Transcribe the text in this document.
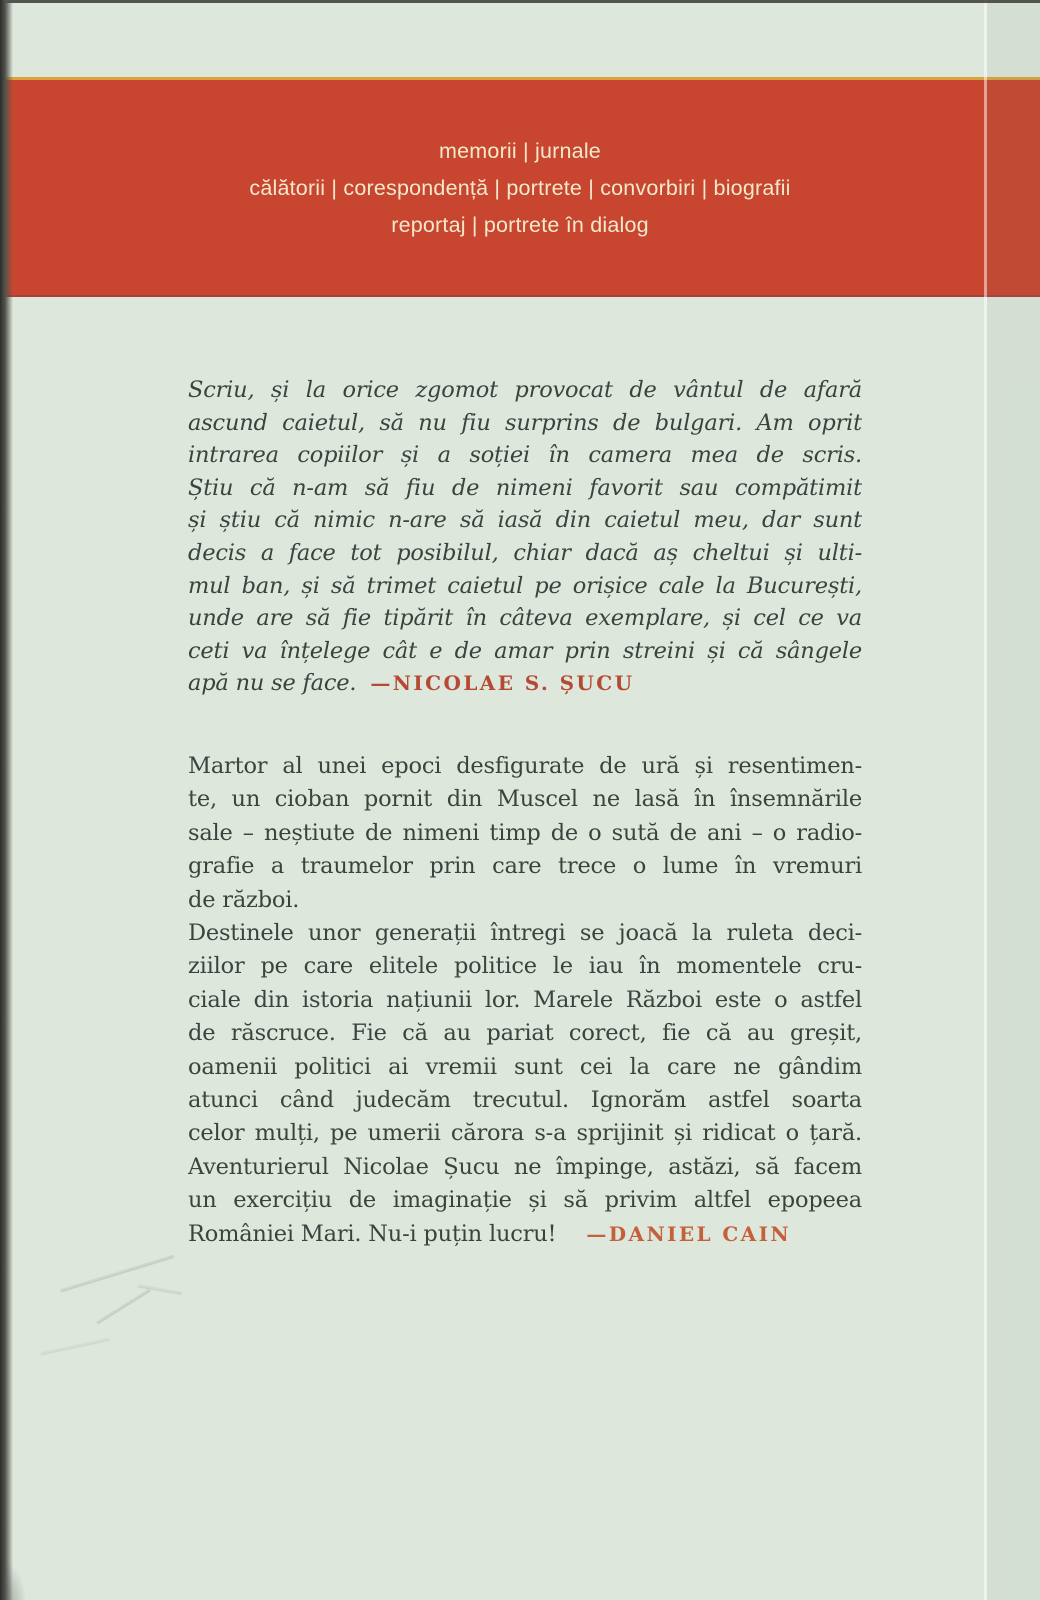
memorii | jurnale
călătorii | corespondență | portrete | convorbiri | biografii
reportaj | portrete în dialog
Scriu, și la orice zgomot provocat de vântul de afară
ascund caietul, să nu fiu surprins de bulgari. Am oprit
intrarea copiilor și a soției în camera mea de scris.
Știu că n-am să fiu de nimeni favorit sau compătimit
și știu că nimic n-are să iasă din caietul meu, dar sunt
decis a face tot posibilul, chiar dacă aș cheltui și ulti-
mul ban, și să trimet caietul pe orișice cale la București,
unde are să fie tipărit în câteva exemplare, și cel ce va
ceti va înțelege cât e de amar prin streini și că sângele
apă nu se face. —NICOLAE S. ȘUCU
Martor al unei epoci desfigurate de ură și resentimen-
te, un cioban pornit din Muscel ne lasă în însemnările
sale – neștiute de nimeni timp de o sută de ani – o radio-
grafie a traumelor prin care trece o lume în vremuri
de război.
Destinele unor generații întregi se joacă la ruleta deci-
ziilor pe care elitele politice le iau în momentele cru-
ciale din istoria națiunii lor. Marele Război este o astfel
de răscruce. Fie că au pariat corect, fie că au greșit,
oamenii politici ai vremii sunt cei la care ne gândim
atunci când judecăm trecutul. Ignorăm astfel soarta
celor mulți, pe umerii cărora s-a sprijinit și ridicat o țară.
Aventurierul Nicolae Șucu ne împinge, astăzi, să facem
un exercițiu de imaginație și să privim altfel epopeea
României Mari. Nu-i puțin lucru! —DANIEL CAIN
